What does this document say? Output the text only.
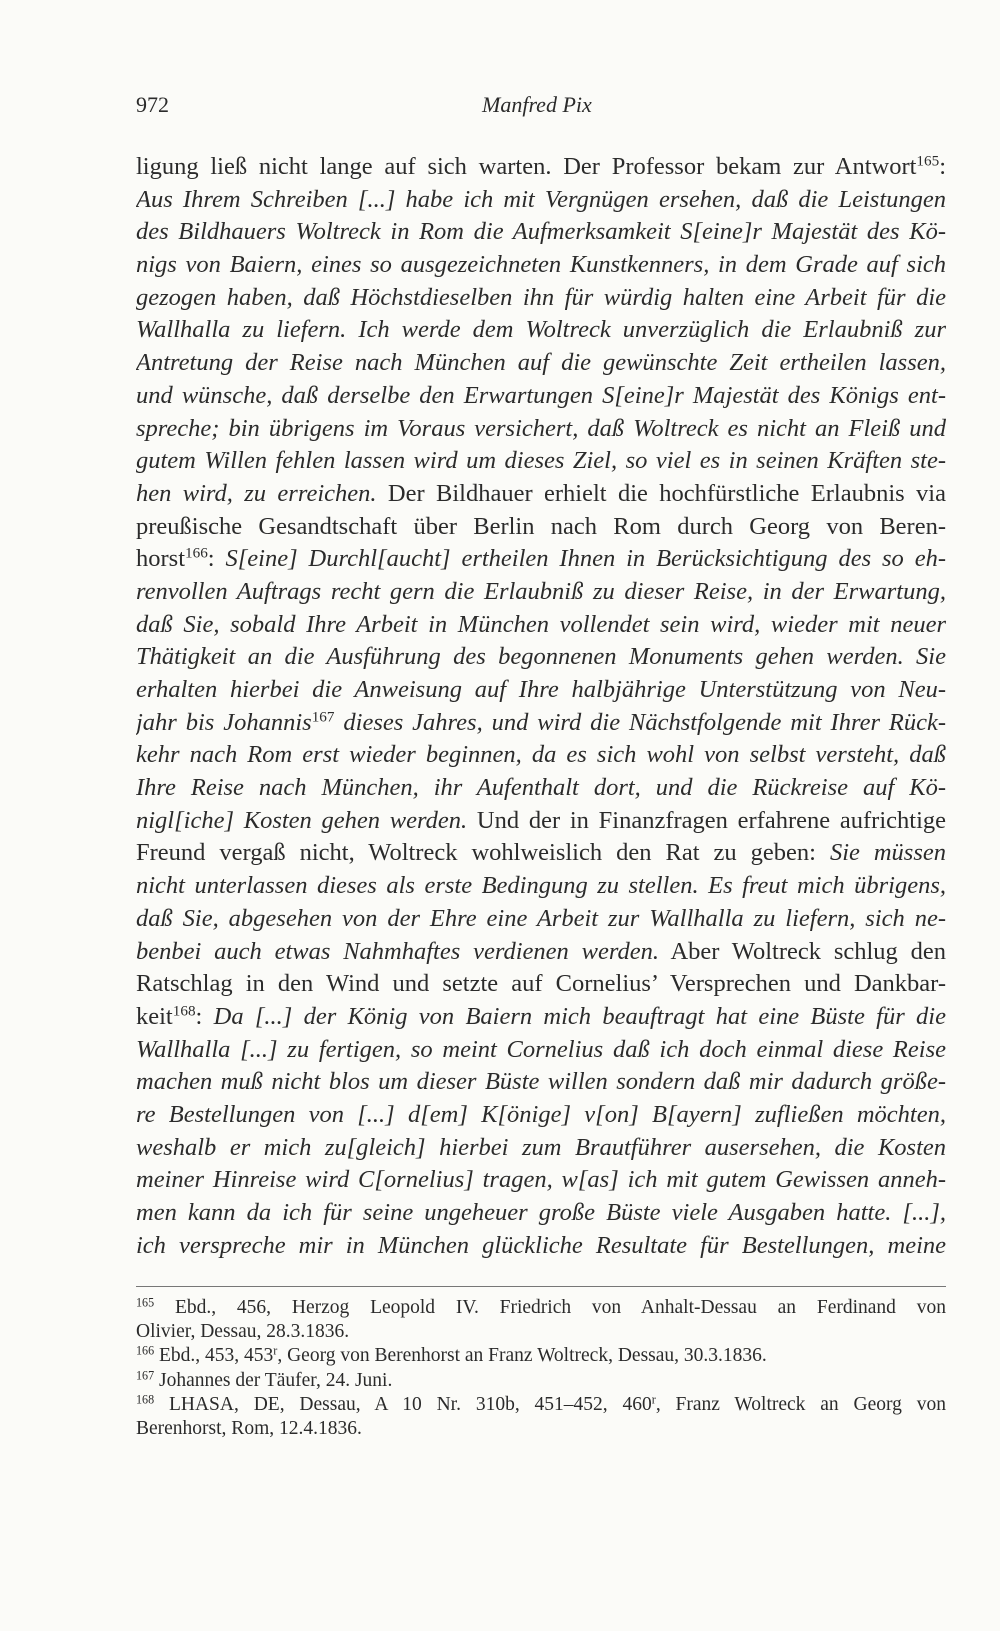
972	Manfred Pix
ligung ließ nicht lange auf sich warten. Der Professor bekam zur Antwort$^{165}$:
Aus Ihrem Schreiben [...] habe ich mit Vergnügen ersehen, daß die Leistungen
des Bildhauers Woltreck in Rom die Aufmerksamkeit S[eine]r Majestät des Kö-
nigs von Baiern, eines so ausgezeichneten Kunstkenners, in dem Grade auf sich
gezogen haben, daß Höchstdieselben ihn für würdig halten eine Arbeit für die
Wallhalla zu liefern. Ich werde dem Woltreck unverzüglich die Erlaubniß zur
Antretung der Reise nach München auf die gewünschte Zeit ertheilen lassen,
und wünsche, daß derselbe den Erwartungen S[eine]r Majestät des Königs ent-
spreche; bin übrigens im Voraus versichert, daß Woltreck es nicht an Fleiß und
gutem Willen fehlen lassen wird um dieses Ziel, so viel es in seinen Kräften ste-
hen wird, zu erreichen. Der Bildhauer erhielt die hochfürstliche Erlaubnis via
preußische Gesandtschaft über Berlin nach Rom durch Georg von Beren-
horst$^{166}$: S[eine] Durchl[aucht] ertheilen Ihnen in Berücksichtigung des so eh-
renvollen Auftrags recht gern die Erlaubniß zu dieser Reise, in der Erwartung,
daß Sie, sobald Ihre Arbeit in München vollendet sein wird, wieder mit neuer
Thätigkeit an die Ausführung des begonnenen Monuments gehen werden. Sie
erhalten hierbei die Anweisung auf Ihre halbjährige Unterstützung von Neu-
jahr bis Johannis$^{167}$ dieses Jahres, und wird die Nächstfolgende mit Ihrer Rück-
kehr nach Rom erst wieder beginnen, da es sich wohl von selbst versteht, daß
Ihre Reise nach München, ihr Aufenthalt dort, und die Rückreise auf Kö-
nigl[iche] Kosten gehen werden. Und der in Finanzfragen erfahrene aufrichtige
Freund vergaß nicht, Woltreck wohlweislich den Rat zu geben: Sie müssen
nicht unterlassen dieses als erste Bedingung zu stellen. Es freut mich übrigens,
daß Sie, abgesehen von der Ehre eine Arbeit zur Wallhalla zu liefern, sich ne-
benbei auch etwas Nahmhaftes verdienen werden. Aber Woltreck schlug den
Ratschlag in den Wind und setzte auf Cornelius’ Versprechen und Dankbar-
keit$^{168}$: Da [...] der König von Baiern mich beauftragt hat eine Büste für die
Wallhalla [...] zu fertigen, so meint Cornelius daß ich doch einmal diese Reise
machen muß nicht blos um dieser Büste willen sondern daß mir dadurch größe-
re Bestellungen von [...] d[em] K[önige] v[on] B[ayern] zufließen möchten,
weshalb er mich zu[gleich] hierbei zum Brautführer ausersehen, die Kosten
meiner Hinreise wird C[ornelius] tragen, w[as] ich mit gutem Gewissen anneh-
men kann da ich für seine ungeheuer große Büste viele Ausgaben hatte. [...],
ich verspreche mir in München glückliche Resultate für Bestellungen, meine
$^{165}$ Ebd., 456, Herzog Leopold IV. Friedrich von Anhalt-Dessau an Ferdinand von
Olivier, Dessau, 28.3.1836.
$^{166}$ Ebd., 453, 453$^r$, Georg von Berenhorst an Franz Woltreck, Dessau, 30.3.1836.
$^{167}$ Johannes der Täufer, 24. Juni.
$^{168}$ LHASA, DE, Dessau, A 10 Nr. 310b, 451–452, 460$^r$, Franz Woltreck an Georg von
Berenhorst, Rom, 12.4.1836.
